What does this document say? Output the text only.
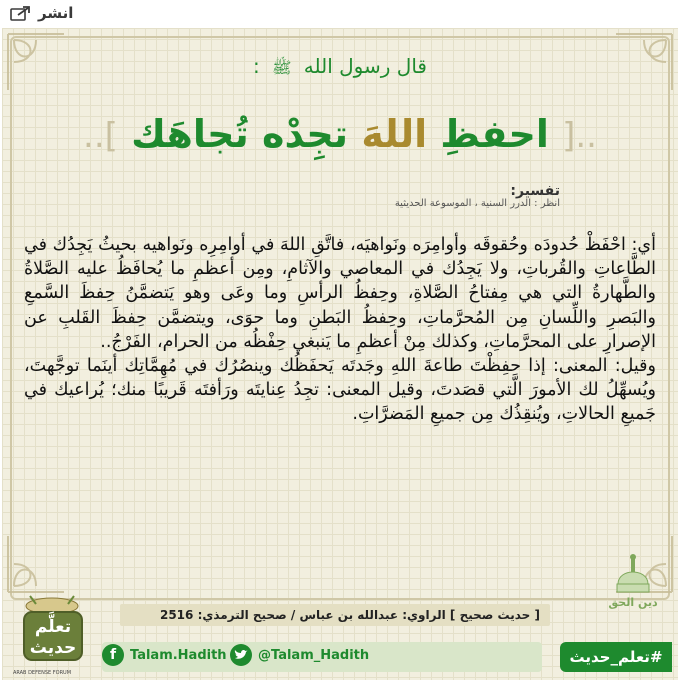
انشر
قال رسول الله ﷺ :
..[ احفظِ اللهَ تجِدْه تُجاهَك ]..
تفسير:
انظر : الدرر السنية ، الموسوعة الحديثية

أي: احْفَظْ حُدودَه وحُقوقَه وأوامِرَه ونَواهيَه، فاتَّقِ اللهَ في أوامِرِه ونَواهيه بحيثُ يَجِدُك في الطَّاعاتِ والقُرباتِ، ولا يَجِدُك في المعاصي والآثامِ، ومِن أعظمِ ما يُحافَظُ عليه الصَّلاةُ والطَّهارةُ التي هي مِفتاحُ الصَّلاةِ، وحِفظُ الرأسِ وما وعَى وهو يَتضمَّنُ حِفظَ السَّمعِ والبَصرِ واللِّسانِ مِن المُحرَّماتِ، وحِفظُ البَطنِ وما حوَى، ويتضمَّن حِفظَ القَلبِ عن الإصرارِ على المحرَّماتِ، وكذلك مِنْ أعظمِ ما يَنبغي حِفْظُه من الحرام، الفَرْجُ..

وقيل: المعنى: إذا حفِظْتَ طاعةَ اللهِ وجَدتَه يَحفَظُك وينصُرُك في مُهِمَّاتِك أينَما توجَّهتَ، ويُسهِّلُ لك الأمورَ الَّتي قصَدتَ، وقيل المعنى: تجِدُ عِنايتَه ورَأفتَه قَريبًا منك؛ يُراعيك في جَميعِ الحالاتِ، ويُنقِذُك مِن جميعِ المَضرَّاتِ.

دين الحق
[ حديث صحيح ] الراوي: عبدالله بن عباس / صحيح الترمذي: 2516
f	Talam.Hadith @Talam_Hadith	#تعلم_حديث
تعلَّم
حديث
ARAB DEFENSE FORUM
